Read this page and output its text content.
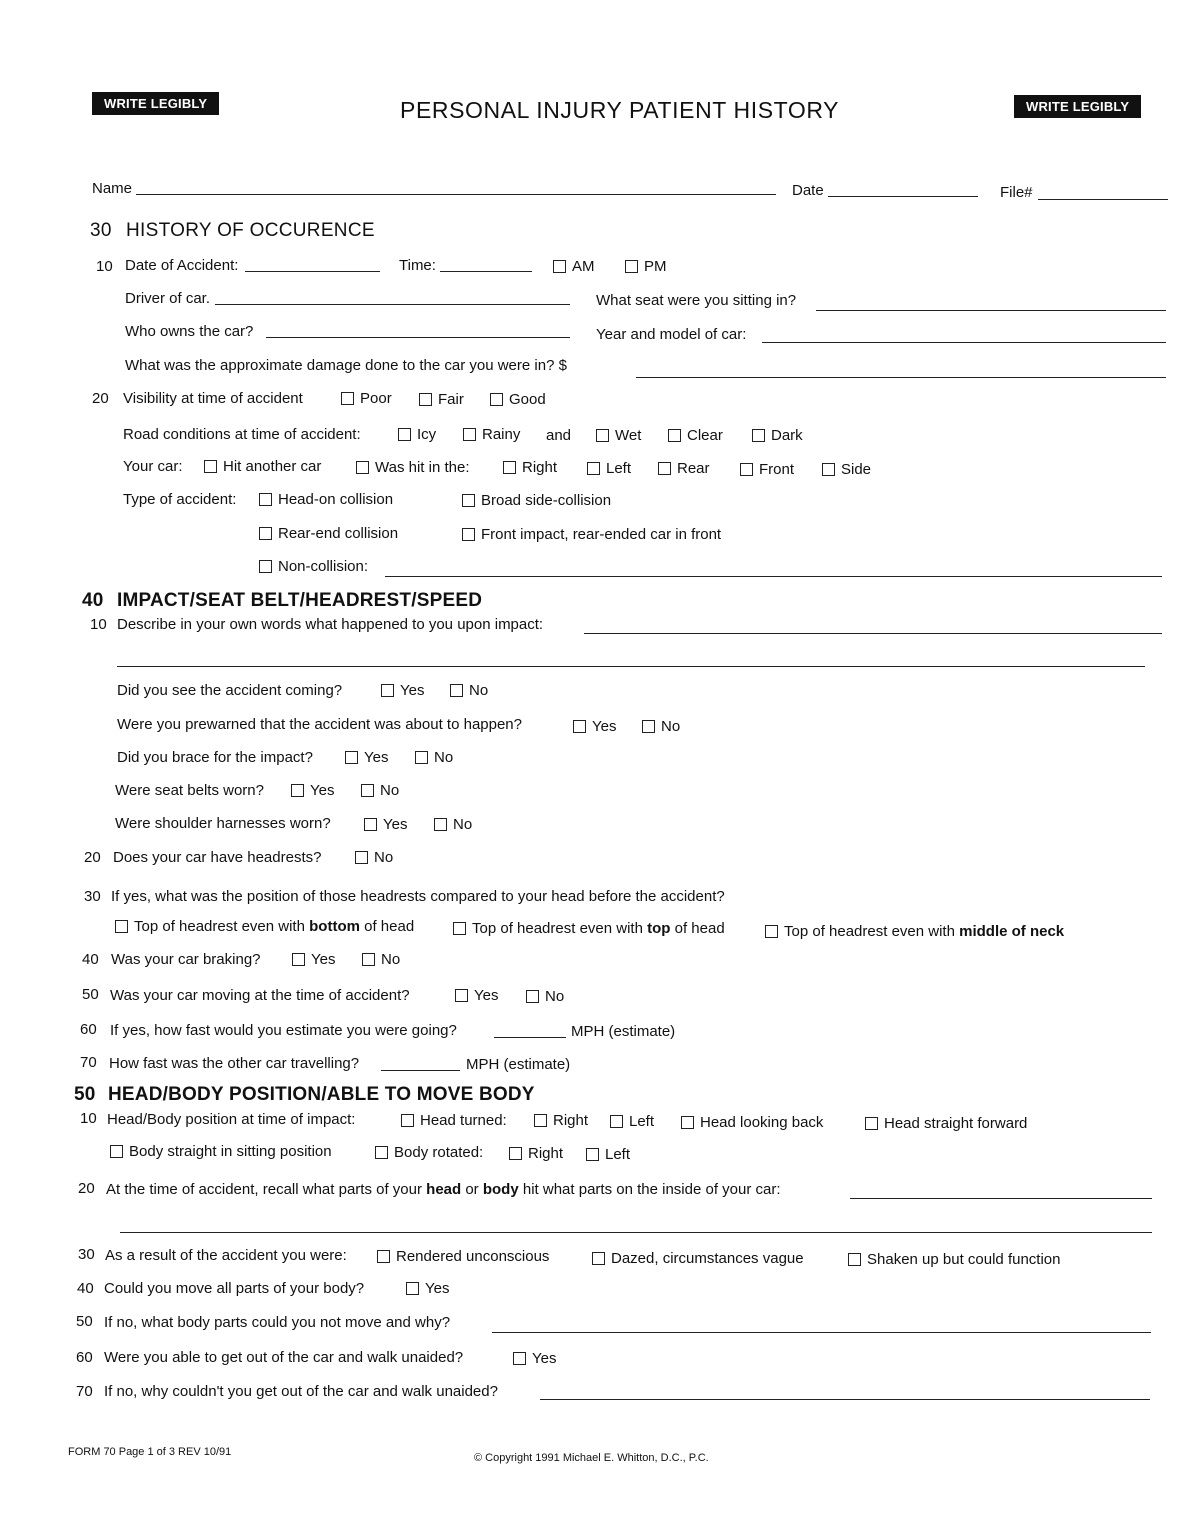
WRITE LEGIBLY	PERSONAL INJURY PATIENT HISTORY	WRITE LEGIBLY
Name	Date	File#
30 HISTORY OF OCCURENCE
10 Date of Accident:	Time:	AM	PM
Driver of car.	What seat were you sitting in?
Who owns the car?	Year and model of car:
What was the approximate damage done to the car you were in? $
20 Visibility at time of accident	Poor	Fair	Good
Road conditions at time of accident:	Icy	Rainy and	Wet	Clear	Dark
Your car:	Hit another car	Was hit in the:	Right	Left	Rear	Front	Side
Type of accident:	Head-on collision	Broad side-collision
Rear-end collision	Front impact, rear-ended car in front
Non-collision:
40 IMPACT/SEAT BELT/HEADREST/SPEED
10 Describe in your own words what happened to you upon impact:
Did you see the accident coming?	Yes	No
Were you prewarned that the accident was about to happen?	Yes	No
Did you brace for the impact?	Yes	No
Were seat belts worn?	Yes	No
Were shoulder harnesses worn?	Yes	No
20 Does your car have headrests?	No
30 If yes, what was the position of those headrests compared to your head before the accident?
Top of headrest even with bottom of head	Top of headrest even with top of head	Top of headrest even with middle of neck
40 Was your car braking?	Yes	No
50 Was your car moving at the time of accident?	Yes	No
60 If yes, how fast would you estimate you were going?	MPH (estimate)
70 How fast was the other car travelling?	MPH (estimate)
50 HEAD/BODY POSITION/ABLE TO MOVE BODY
10 Head/Body position at time of impact:	Head turned:	Right	Left	Head looking back	Head straight forward
Body straight in sitting position	Body rotated:	Right	Left
20 At the time of accident, recall what parts of your head or body hit what parts on the inside of your car:
30 As a result of the accident you were:	Rendered unconscious	Dazed, circumstances vague	Shaken up but could function
40 Could you move all parts of your body?	Yes
50 If no, what body parts could you not move and why?
60 Were you able to get out of the car and walk unaided?	Yes
70 If no, why couldn't you get out of the car and walk unaided?
FORM 70 Page 1 of 3 REV 10/91	© Copyright 1991 Michael E. Whitton, D.C., P.C.
